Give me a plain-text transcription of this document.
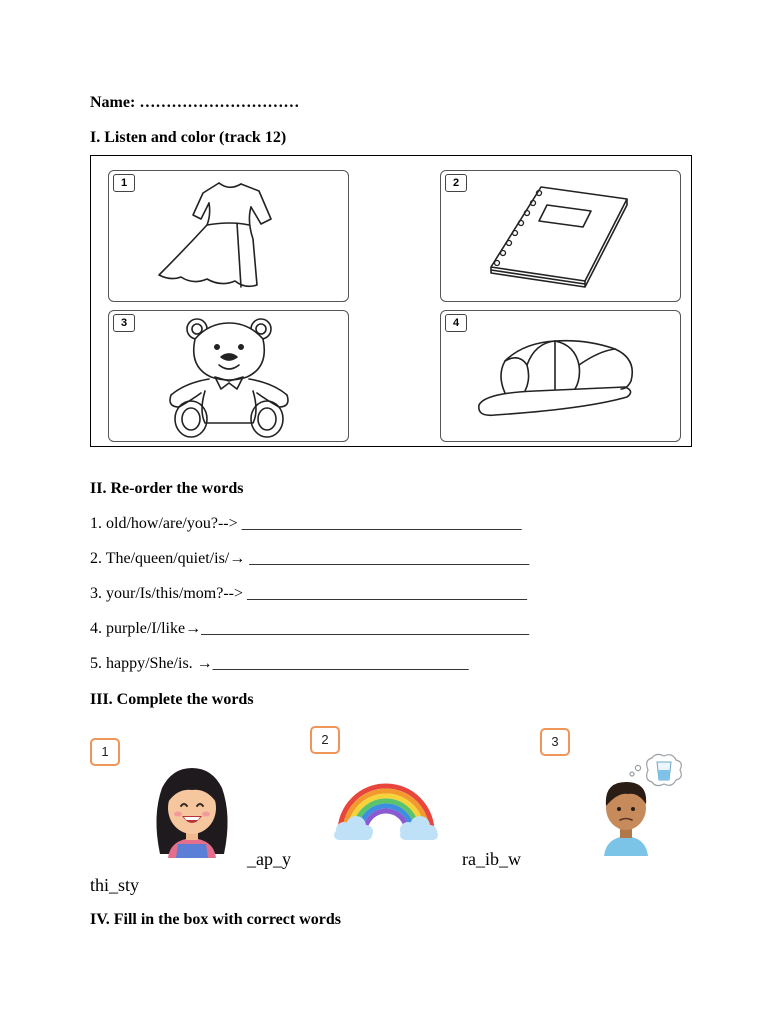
Name: …………………………
I. Listen and color (track 12)
1	2
3	4
II. Re-order the words
1. old/how/are/you?--> ___________________________________
2. The/queen/quiet/is/→ ___________________________________
3. your/Is/this/mom?--> ___________________________________
4. purple/I/like→_________________________________________
5. happy/She/is. →________________________________
III. Complete the words
1
2	3
_ap_y	ra_ib_w
thi_sty
IV. Fill in the box with correct words
